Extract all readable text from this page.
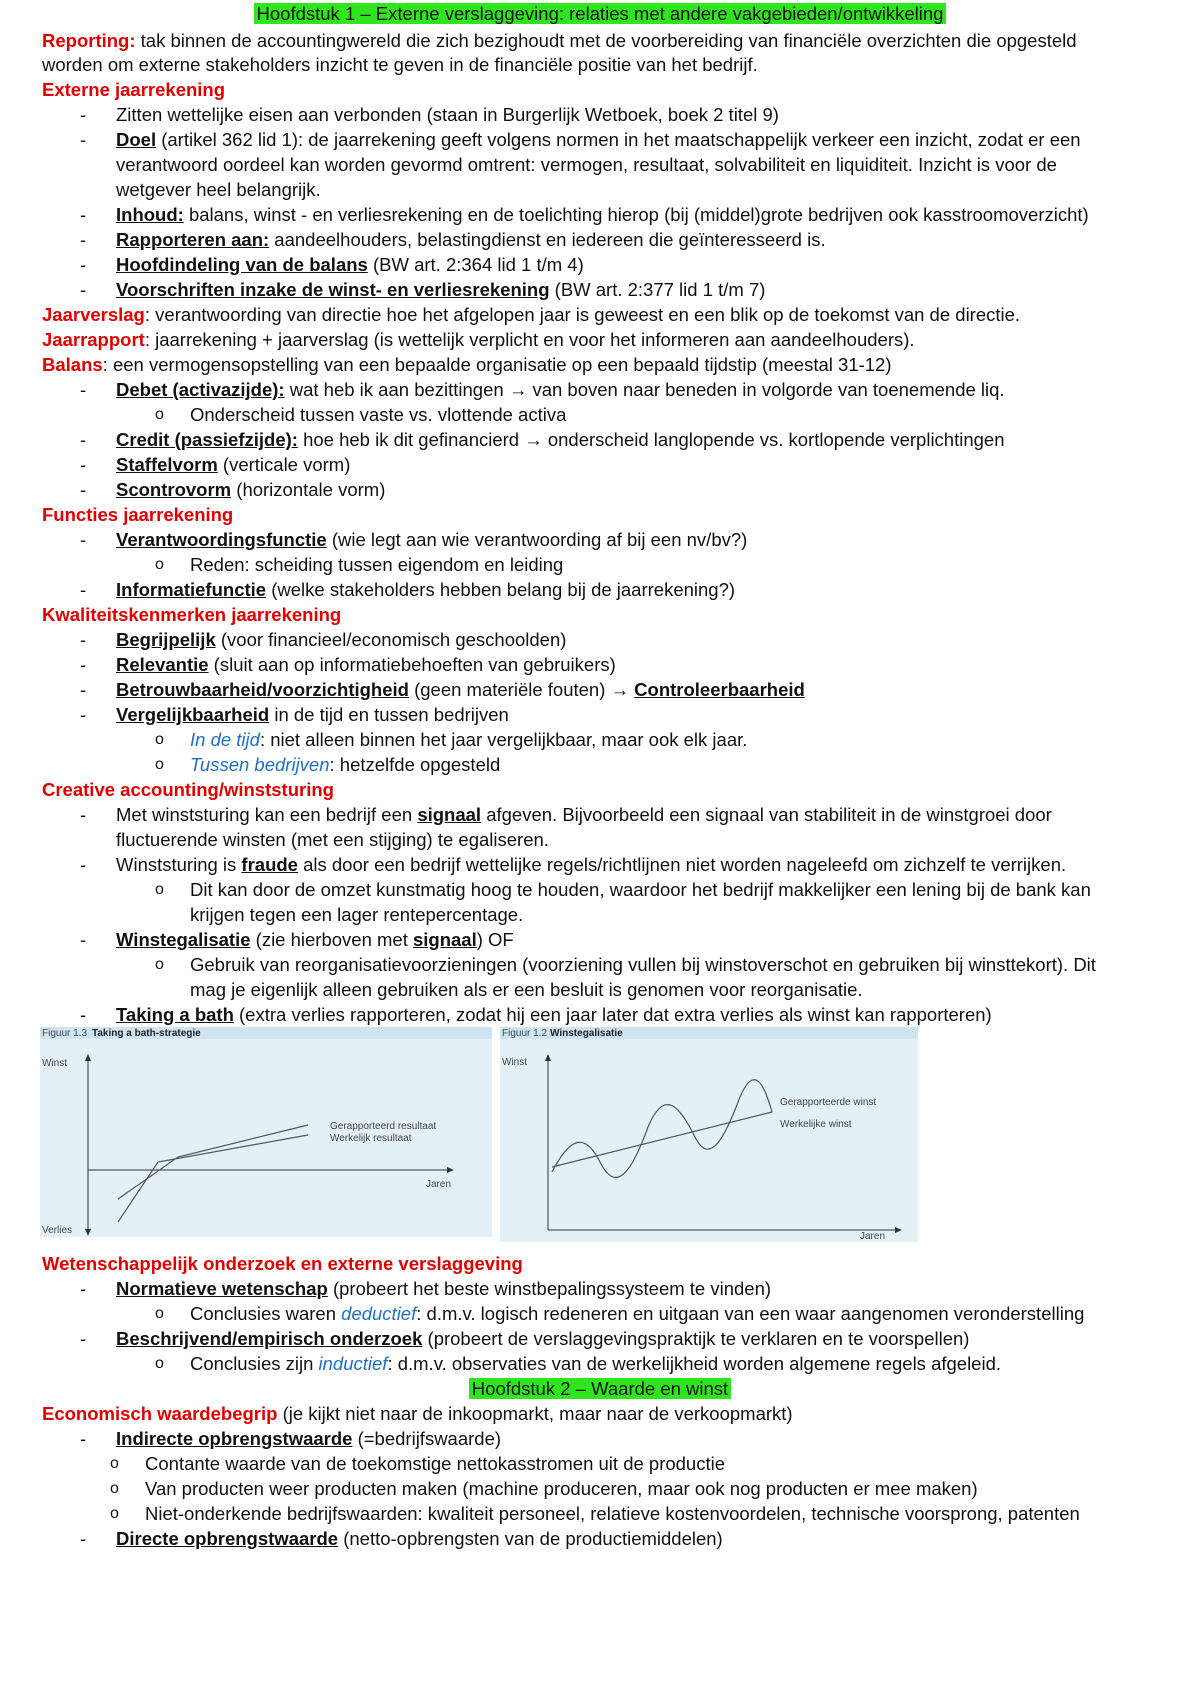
Hoofdstuk 1 – Externe verslaggeving: relaties met andere vakgebieden/ontwikkeling
Reporting: tak binnen de accountingwereld die zich bezighoudt met de voorbereiding van financiële overzichten die opgesteld
worden om externe stakeholders inzicht te geven in de financiële positie van het bedrijf.
Externe jaarrekening
- Zitten wettelijke eisen aan verbonden (staan in Burgerlijk Wetboek, boek 2 titel 9)
- Doel (artikel 362 lid 1): de jaarrekening geeft volgens normen in het maatschappelijk verkeer een inzicht, zodat er een
verantwoord oordeel kan worden gevormd omtrent: vermogen, resultaat, solvabiliteit en liquiditeit. Inzicht is voor de
wetgever heel belangrijk.
- Inhoud: balans, winst - en verliesrekening en de toelichting hierop (bij (middel)grote bedrijven ook kasstroomoverzicht)
- Rapporteren aan: aandeelhouders, belastingdienst en iedereen die geïnteresseerd is.
- Hoofdindeling van de balans (BW art. 2:364 lid 1 t/m 4)
- Voorschriften inzake de winst- en verliesrekening (BW art. 2:377 lid 1 t/m 7)
Jaarverslag: verantwoording van directie hoe het afgelopen jaar is geweest en een blik op de toekomst van de directie.
Jaarrapport: jaarrekening + jaarverslag (is wettelijk verplicht en voor het informeren aan aandeelhouders).
Balans: een vermogensopstelling van een bepaalde organisatie op een bepaald tijdstip (meestal 31-12)
- Debet (activazijde): wat heb ik aan bezittingen → van boven naar beneden in volgorde van toenemende liq.
o Onderscheid tussen vaste vs. vlottende activa
- Credit (passiefzijde): hoe heb ik dit gefinancierd → onderscheid langlopende vs. kortlopende verplichtingen
- Staffelvorm (verticale vorm)
- Scontrovorm (horizontale vorm)
Functies jaarrekening
- Verantwoordingsfunctie (wie legt aan wie verantwoording af bij een nv/bv?)
o Reden: scheiding tussen eigendom en leiding
- Informatiefunctie (welke stakeholders hebben belang bij de jaarrekening?)
Kwaliteitskenmerken jaarrekening
- Begrijpelijk (voor financieel/economisch geschoolden)
- Relevantie (sluit aan op informatiebehoeften van gebruikers)
- Betrouwbaarheid/voorzichtigheid (geen materiële fouten) → Controleerbaarheid
- Vergelijkbaarheid in de tijd en tussen bedrijven
o In de tijd: niet alleen binnen het jaar vergelijkbaar, maar ook elk jaar.
o Tussen bedrijven: hetzelfde opgesteld
Creative accounting/winststuring
- Met winststuring kan een bedrijf een signaal afgeven. Bijvoorbeeld een signaal van stabiliteit in de winstgroei door
fluctuerende winsten (met een stijging) te egaliseren.
- Winststuring is fraude als door een bedrijf wettelijke regels/richtlijnen niet worden nageleefd om zichzelf te verrijken.
o Dit kan door de omzet kunstmatig hoog te houden, waardoor het bedrijf makkelijker een lening bij de bank kan
krijgen tegen een lager rentepercentage.
- Winstegalisatie (zie hierboven met signaal) OF
o Gebruik van reorganisatievoorzieningen (voorziening vullen bij winstoverschot en gebruiken bij winsttekort). Dit
mag je eigenlijk alleen gebruiken als er een besluit is genomen voor reorganisatie.
- Taking a bath (extra verlies rapporteren, zodat hij een jaar later dat extra verlies als winst kan rapporteren)
Figuur 1.3 Taking a bath-strategie
Winst
Verlies
Jaren
Gerapporteerd resultaat
Werkelijk resultaat
Figuur 1.2 Winstegalisatie
Winst
Jaren
Gerapporteerde winst
Werkelijke winst
Wetenschappelijk onderzoek en externe verslaggeving
- Normatieve wetenschap (probeert het beste winstbepalingssysteem te vinden)
o Conclusies waren deductief: d.m.v. logisch redeneren en uitgaan van een waar aangenomen veronderstelling
- Beschrijvend/empirisch onderzoek (probeert de verslaggevingspraktijk te verklaren en te voorspellen)
o Conclusies zijn inductief: d.m.v. observaties van de werkelijkheid worden algemene regels afgeleid.
Hoofdstuk 2 – Waarde en winst
Economisch waardebegrip (je kijkt niet naar de inkoopmarkt, maar naar de verkoopmarkt)
- Indirecte opbrengstwaarde (=bedrijfswaarde)
o Contante waarde van de toekomstige nettokasstromen uit de productie
o Van producten weer producten maken (machine produceren, maar ook nog producten er mee maken)
o Niet-onderkende bedrijfswaarden: kwaliteit personeel, relatieve kostenvoordelen, technische voorsprong, patenten
- Directe opbrengstwaarde (netto-opbrengsten van de productiemiddelen)
